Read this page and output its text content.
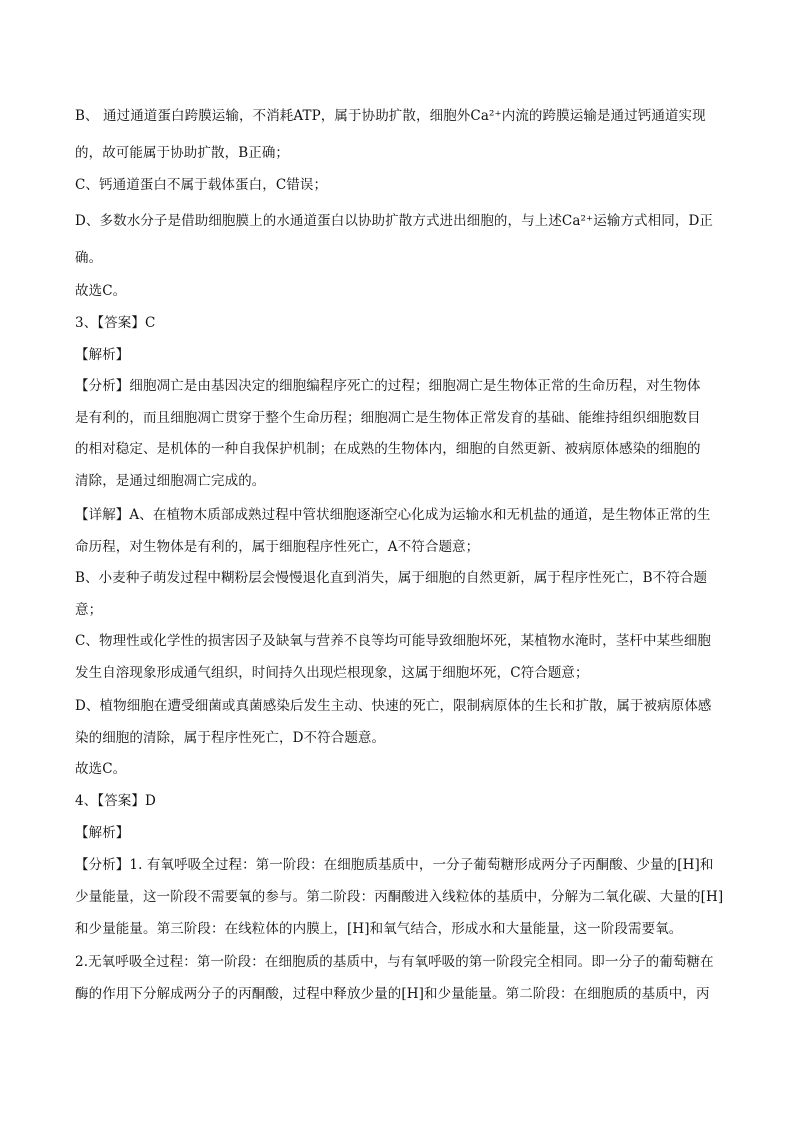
B、 通过通道蛋白跨膜运输，不消耗ATP，属于协助扩散，细胞外Ca²⁺内流的跨膜运输是通过钙通道实现
的，故可能属于协助扩散，B正确；
C、钙通道蛋白不属于载体蛋白，C错误；
D、多数水分子是借助细胞膜上的水通道蛋白以协助扩散方式进出细胞的，与上述Ca²⁺运输方式相同，D正
确。
故选C。
3、【答案】C
【解析】
【分析】细胞凋亡是由基因决定的细胞编程序死亡的过程；细胞凋亡是生物体正常的生命历程，对生物体
是有利的，而且细胞凋亡贯穿于整个生命历程；细胞凋亡是生物体正常发育的基础、能维持组织细胞数目
的相对稳定、是机体的一种自我保护机制；在成熟的生物体内，细胞的自然更新、被病原体感染的细胞的
清除，是通过细胞凋亡完成的。
【详解】A、在植物木质部成熟过程中管状细胞逐渐空心化成为运输水和无机盐的通道，是生物体正常的生
命历程，对生物体是有利的，属于细胞程序性死亡，A不符合题意；
B、小麦种子萌发过程中糊粉层会慢慢退化直到消失，属于细胞的自然更新，属于程序性死亡，B不符合题
意；
C、物理性或化学性的损害因子及缺氧与营养不良等均可能导致细胞坏死，某植物水淹时，茎杆中某些细胞
发生自溶现象形成通气组织，时间持久出现烂根现象，这属于细胞坏死，C符合题意；
D、植物细胞在遭受细菌或真菌感染后发生主动、快速的死亡，限制病原体的生长和扩散，属于被病原体感
染的细胞的清除，属于程序性死亡，D不符合题意。
故选C。
4、【答案】D
【解析】
【分析】1. 有氧呼吸全过程：第一阶段：在细胞质基质中，一分子葡萄糖形成两分子丙酮酸、少量的[H]和
少量能量，这一阶段不需要氧的参与。第二阶段：丙酮酸进入线粒体的基质中，分解为二氧化碳、大量的[H]
和少量能量。第三阶段：在线粒体的内膜上，[H]和氧气结合，形成水和大量能量，这一阶段需要氧。
2.无氧呼吸全过程：第一阶段：在细胞质的基质中，与有氧呼吸的第一阶段完全相同。即一分子的葡萄糖在
酶的作用下分解成两分子的丙酮酸，过程中释放少量的[H]和少量能量。第二阶段：在细胞质的基质中，丙
